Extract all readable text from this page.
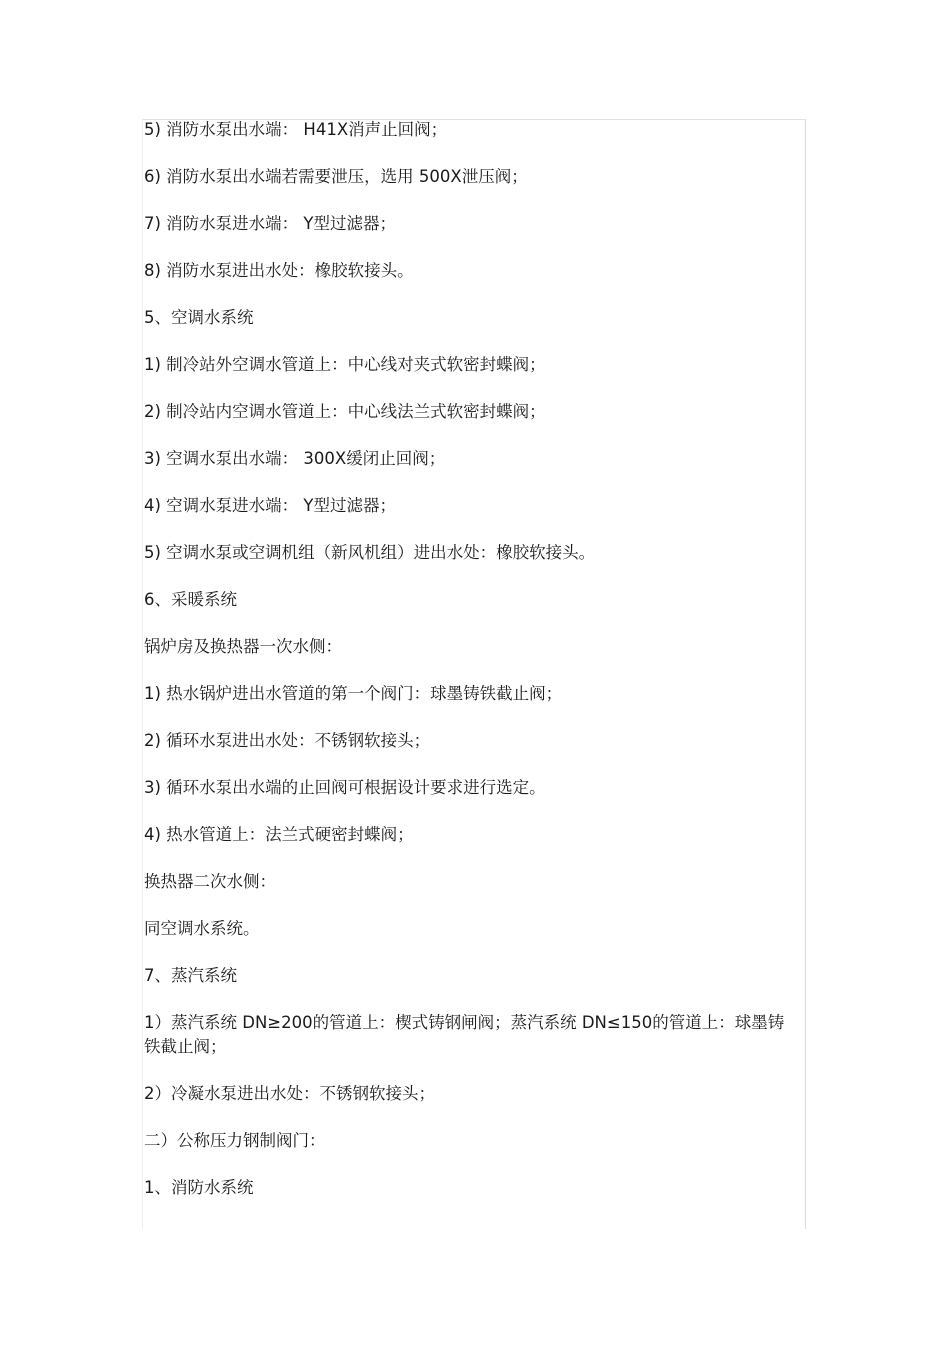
5) 消防水泵出水端： H41X消声止回阀；

6) 消防水泵出水端若需要泄压，选用 500X泄压阀；

7) 消防水泵进水端： Y型过滤器；

8) 消防水泵进出水处：橡胶软接头。

5、空调水系统

1) 制冷站外空调水管道上：中心线对夹式软密封蝶阀；

2) 制冷站内空调水管道上：中心线法兰式软密封蝶阀；

3) 空调水泵出水端： 300X缓闭止回阀；

4) 空调水泵进水端： Y型过滤器；

5) 空调水泵或空调机组（新风机组）进出水处：橡胶软接头。

6、采暖系统

锅炉房及换热器一次水侧：

1) 热水锅炉进出水管道的第一个阀门：球墨铸铁截止阀；

2) 循环水泵进出水处：不锈钢软接头；

3) 循环水泵出水端的止回阀可根据设计要求进行选定。

4) 热水管道上：法兰式硬密封蝶阀；

换热器二次水侧：

同空调水系统。

7、蒸汽系统

1）蒸汽系统 DN≥200的管道上：楔式铸钢闸阀；蒸汽系统 DN≤150的管道上：球墨铸铁截止阀；

2）冷凝水泵进出水处：不锈钢软接头；

二）公称压力钢制阀门：

1、消防水系统
